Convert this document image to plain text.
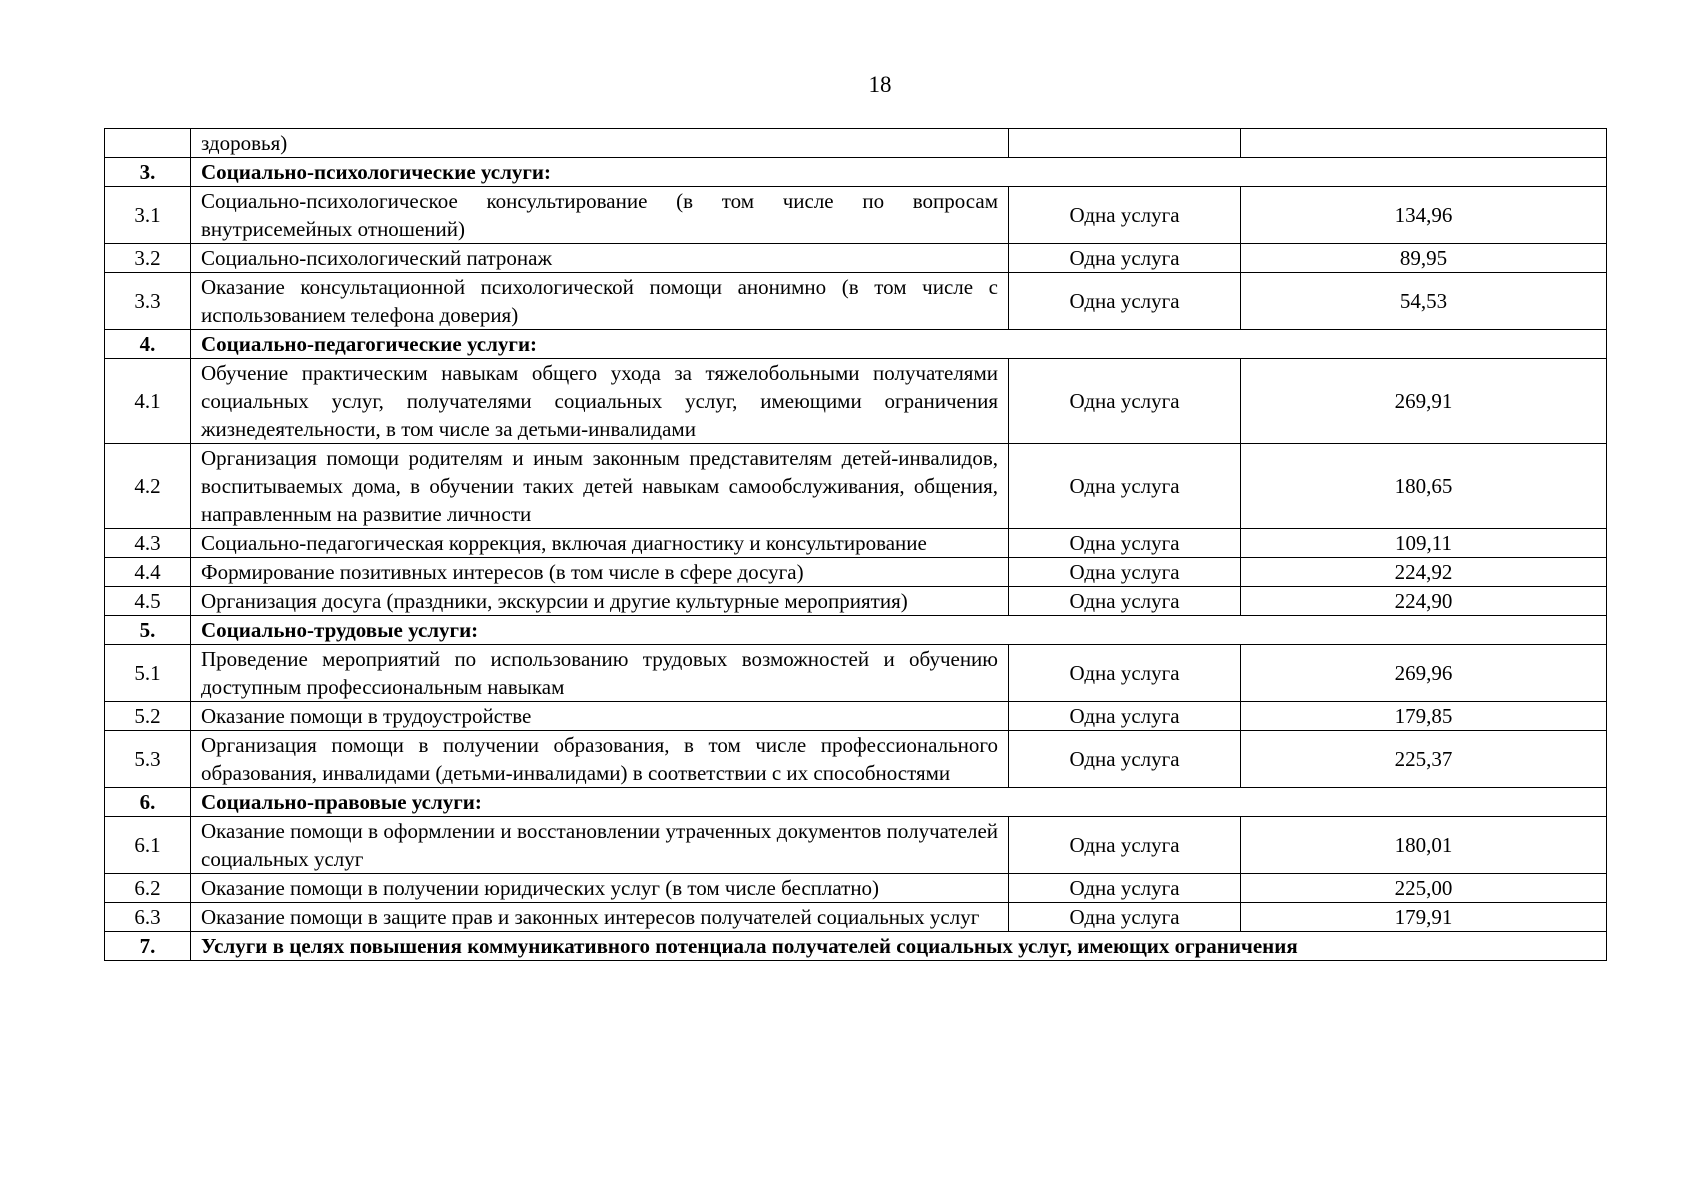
18
	здоровья)		
3.	Социально-психологические услуги:		
3.1	Социально-психологическое консультирование (в том числе по вопросам внутрисемейных отношений)	Одна услуга	134,96
3.2	Социально-психологический патронаж	Одна услуга	89,95
3.3	Оказание консультационной психологической помощи анонимно (в том числе с использованием телефона доверия)	Одна услуга	54,53
4.	Социально-педагогические услуги:		
4.1	Обучение практическим навыкам общего ухода за тяжелобольными получателями социальных услуг, получателями социальных услуг, имеющими ограничения жизнедеятельности, в том числе за детьми-инвалидами	Одна услуга	269,91
4.2	Организация помощи родителям и иным законным представителям детей-инвалидов, воспитываемых дома, в обучении таких детей навыкам самообслуживания, общения, направленным на развитие личности	Одна услуга	180,65
4.3	Социально-педагогическая коррекция, включая диагностику и консультирование	Одна услуга	109,11
4.4	Формирование позитивных интересов (в том числе в сфере досуга)	Одна услуга	224,92
4.5	Организация досуга (праздники, экскурсии и другие культурные мероприятия)	Одна услуга	224,90
5.	Социально-трудовые услуги:		
5.1	Проведение мероприятий по использованию трудовых возможностей и обучению доступным профессиональным навыкам	Одна услуга	269,96
5.2	Оказание помощи в трудоустройстве	Одна услуга	179,85
5.3	Организация помощи в получении образования, в том числе профессионального образования, инвалидами (детьми-инвалидами) в соответствии с их способностями	Одна услуга	225,37
6.	Социально-правовые услуги:		
6.1	Оказание помощи в оформлении и восстановлении утраченных документов получателей социальных услуг	Одна услуга	180,01
6.2	Оказание помощи в получении юридических услуг (в том числе бесплатно)	Одна услуга	225,00
6.3	Оказание помощи в защите прав и законных интересов получателей социальных услуг	Одна услуга	179,91
7.	Услуги в целях повышения коммуникативного потенциала получателей социальных услуг, имеющих ограничения		
